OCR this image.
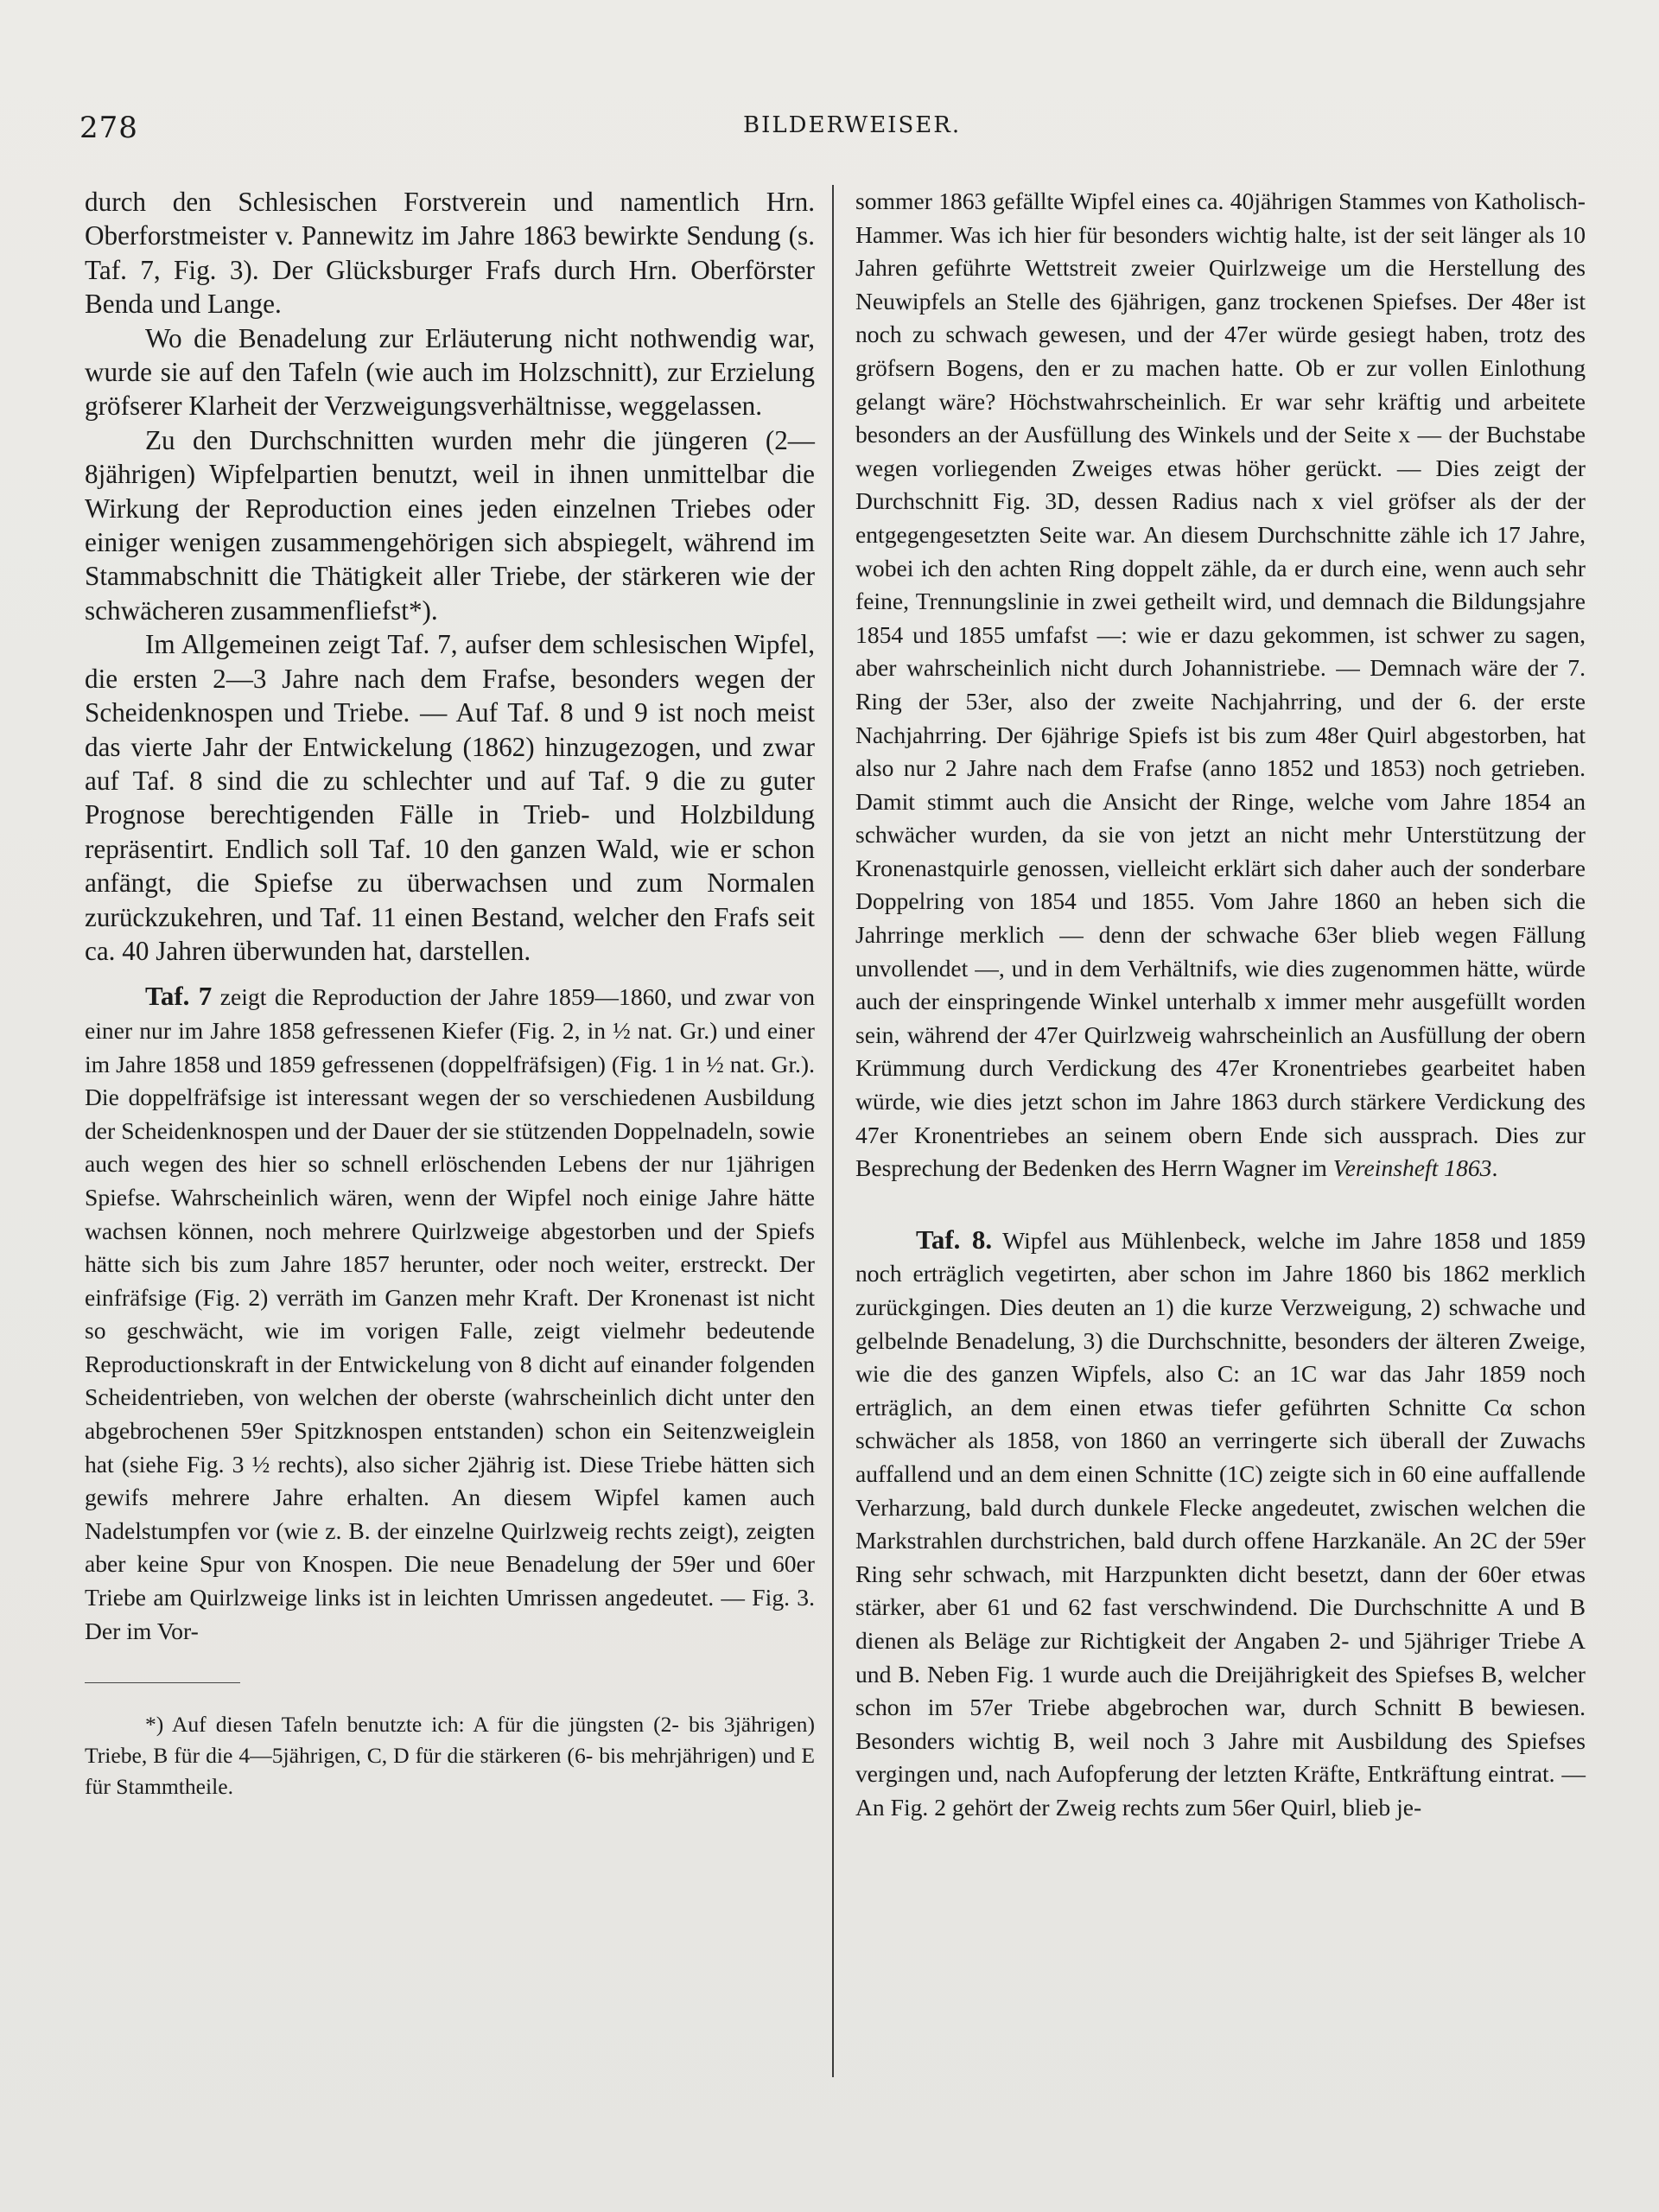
278	BILDERWEISER.

durch den Schlesischen Forstverein und namentlich Hrn. Oberforstmeister v. Pannewitz im Jahre 1863 bewirkte Sendung (s. Taf. 7, Fig. 3). Der Glücksburger Frafs durch Hrn. Oberförster Benda und Lange.

Wo die Benadelung zur Erläuterung nicht nothwendig war, wurde sie auf den Tafeln (wie auch im Holzschnitt), zur Erzielung gröfserer Klarheit der Verzweigungsverhältnisse, weggelassen.

Zu den Durchschnitten wurden mehr die jüngeren (2—8jährigen) Wipfelpartien benutzt, weil in ihnen unmittelbar die Wirkung der Reproduction eines jeden einzelnen Triebes oder einiger wenigen zusammengehörigen sich abspiegelt, während im Stammabschnitt die Thätigkeit aller Triebe, der stärkeren wie der schwächeren zusammenfliefst*).

Im Allgemeinen zeigt Taf. 7, aufser dem schlesischen Wipfel, die ersten 2—3 Jahre nach dem Frafse, besonders wegen der Scheidenknospen und Triebe. — Auf Taf. 8 und 9 ist noch meist das vierte Jahr der Entwickelung (1862) hinzugezogen, und zwar auf Taf. 8 sind die zu schlechter und auf Taf. 9 die zu guter Prognose berechtigenden Fälle in Trieb- und Holzbildung repräsentirt. Endlich soll Taf. 10 den ganzen Wald, wie er schon anfängt, die Spiefse zu überwachsen und zum Normalen zurückzukehren, und Taf. 11 einen Bestand, welcher den Frafs seit ca. 40 Jahren überwunden hat, darstellen.

Taf. 7 zeigt die Reproduction der Jahre 1859—1860, und zwar von einer nur im Jahre 1858 gefressenen Kiefer (Fig. 2, in ½ nat. Gr.) und einer im Jahre 1858 und 1859 gefressenen (doppelfräfsigen) (Fig. 1 in ½ nat. Gr.). Die doppelfräfsige ist interessant wegen der so verschiedenen Ausbildung der Scheidenknospen und der Dauer der sie stützenden Doppelnadeln, sowie auch wegen des hier so schnell erlöschenden Lebens der nur 1jährigen Spiefse. Wahrscheinlich wären, wenn der Wipfel noch einige Jahre hätte wachsen können, noch mehrere Quirlzweige abgestorben und der Spiefs hätte sich bis zum Jahre 1857 herunter, oder noch weiter, erstreckt. Der einfräfsige (Fig. 2) verräth im Ganzen mehr Kraft. Der Kronenast ist nicht so geschwächt, wie im vorigen Falle, zeigt vielmehr bedeutende Reproductionskraft in der Entwickelung von 8 dicht auf einander folgenden Scheidentrieben, von welchen der oberste (wahrscheinlich dicht unter den abgebrochenen 59er Spitzknospen entstanden) schon ein Seitenzweiglein hat (siehe Fig. 3 ½ rechts), also sicher 2jährig ist. Diese Triebe hätten sich gewifs mehrere Jahre erhalten. An diesem Wipfel kamen auch Nadelstumpfen vor (wie z. B. der einzelne Quirlzweig rechts zeigt), zeigten aber keine Spur von Knospen. Die neue Benadelung der 59er und 60er Triebe am Quirlzweige links ist in leichten Umrissen angedeutet. — Fig. 3. Der im Vor-

*) Auf diesen Tafeln benutzte ich: A für die jüngsten (2- bis 3jährigen) Triebe, B für die 4—5jährigen, C, D für die stärkeren (6- bis mehrjährigen) und E für Stammtheile.

sommer 1863 gefällte Wipfel eines ca. 40jährigen Stammes von Katholisch-Hammer. Was ich hier für besonders wichtig halte, ist der seit länger als 10 Jahren geführte Wettstreit zweier Quirlzweige um die Herstellung des Neuwipfels an Stelle des 6jährigen, ganz trockenen Spiefses. Der 48er ist noch zu schwach gewesen, und der 47er würde gesiegt haben, trotz des gröfsern Bogens, den er zu machen hatte. Ob er zur vollen Einlothung gelangt wäre? Höchstwahrscheinlich. Er war sehr kräftig und arbeitete besonders an der Ausfüllung des Winkels und der Seite x — der Buchstabe wegen vorliegenden Zweiges etwas höher gerückt. — Dies zeigt der Durchschnitt Fig. 3D, dessen Radius nach x viel gröfser als der der entgegengesetzten Seite war. An diesem Durchschnitte zähle ich 17 Jahre, wobei ich den achten Ring doppelt zähle, da er durch eine, wenn auch sehr feine, Trennungslinie in zwei getheilt wird, und demnach die Bildungsjahre 1854 und 1855 umfafst —: wie er dazu gekommen, ist schwer zu sagen, aber wahrscheinlich nicht durch Johannistriebe. — Demnach wäre der 7. Ring der 53er, also der zweite Nachjahrring, und der 6. der erste Nachjahrring. Der 6jährige Spiefs ist bis zum 48er Quirl abgestorben, hat also nur 2 Jahre nach dem Frafse (anno 1852 und 1853) noch getrieben. Damit stimmt auch die Ansicht der Ringe, welche vom Jahre 1854 an schwächer wurden, da sie von jetzt an nicht mehr Unterstützung der Kronenastquirle genossen, vielleicht erklärt sich daher auch der sonderbare Doppelring von 1854 und 1855. Vom Jahre 1860 an heben sich die Jahrringe merklich — denn der schwache 63er blieb wegen Fällung unvollendet —, und in dem Verhältnifs, wie dies zugenommen hätte, würde auch der einspringende Winkel unterhalb x immer mehr ausgefüllt worden sein, während der 47er Quirlzweig wahrscheinlich an Ausfüllung der obern Krümmung durch Verdickung des 47er Kronentriebes gearbeitet haben würde, wie dies jetzt schon im Jahre 1863 durch stärkere Verdickung des 47er Kronentriebes an seinem obern Ende sich aussprach. Dies zur Besprechung der Bedenken des Herrn Wagner im Vereinsheft 1863.

Taf. 8. Wipfel aus Mühlenbeck, welche im Jahre 1858 und 1859 noch erträglich vegetirten, aber schon im Jahre 1860 bis 1862 merklich zurückgingen. Dies deuten an 1) die kurze Verzweigung, 2) schwache und gelbelnde Benadelung, 3) die Durchschnitte, besonders der älteren Zweige, wie die des ganzen Wipfels, also C: an 1C war das Jahr 1859 noch erträglich, an dem einen etwas tiefer geführten Schnitte Cα schon schwächer als 1858, von 1860 an verringerte sich überall der Zuwachs auffallend und an dem einen Schnitte (1C) zeigte sich in 60 eine auffallende Verharzung, bald durch dunkele Flecke angedeutet, zwischen welchen die Markstrahlen durchstrichen, bald durch offene Harzkanäle. An 2C der 59er Ring sehr schwach, mit Harzpunkten dicht besetzt, dann der 60er etwas stärker, aber 61 und 62 fast verschwindend. Die Durchschnitte A und B dienen als Beläge zur Richtigkeit der Angaben 2- und 5jähriger Triebe A und B. Neben Fig. 1 wurde auch die Dreijährigkeit des Spiefses B, welcher schon im 57er Triebe abgebrochen war, durch Schnitt B bewiesen. Besonders wichtig B, weil noch 3 Jahre mit Ausbildung des Spiefses vergingen und, nach Aufopferung der letzten Kräfte, Entkräftung eintrat. — An Fig. 2 gehört der Zweig rechts zum 56er Quirl, blieb je-
